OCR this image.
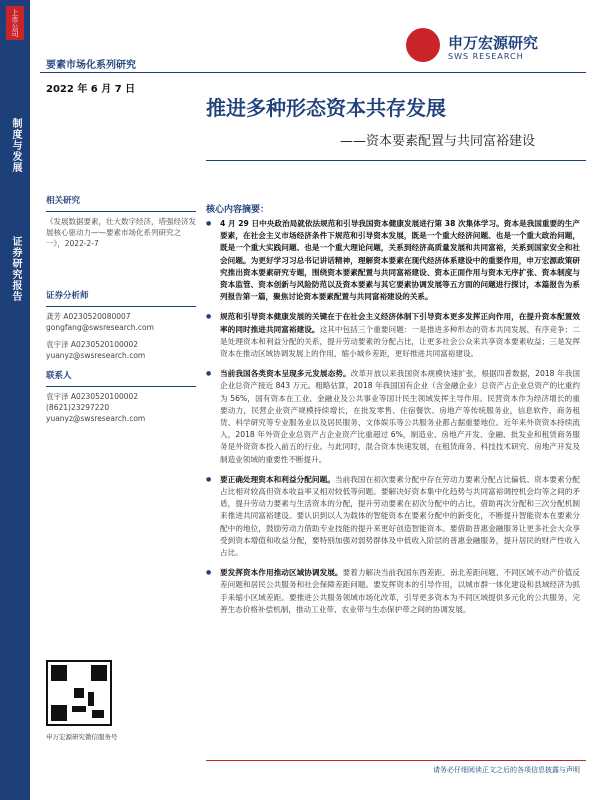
上市公司
制度与发展
证券研究报告
要素市场化系列研究
2022 年 6 月 7 日
申万宏源研究
SWS RESEARCH
推进多种形态资本共存发展
——资本要素配置与共同富裕建设
相关研究
《发展数据要素，壮大数字经济，塔强经济发展核心驱动力——要素市场化系列研究之一》，2022-2-7
证券分析师
龚芳 A0230520080007
gongfang@swsresearch.com
袁宇泽 A0230520100002
yuanyz@swsresearch.com
联系人
袁宇泽 A0230520100002
(8621)23297220
yuanyz@swsresearch.com
申万宏源研究微信服务号
核心内容摘要：

● 4 月 29 日中央政治局就依法规范和引导我国资本健康发展进行第 38 次集体学习。资本是我国重要的生产要素，在社会主义市场经济条件下规范和引导资本发展，既是一个重大经济问题、也是一个重大政治问题，既是一个重大实践问题、也是一个重大理论问题，关系到经济高质量发展和共同富裕，关系到国家安全和社会问题。为更好学习习总书记讲话精神，理解资本要素在现代经济体系建设中的重要作用，申万宏源政策研究推出资本要素研究专题，围绕资本要素配置与共同富裕建设、资本正面作用与资本无序扩张、资本制度与资本监管、资本创新与风险防范以及资本要素与其它要素协调发展等五方面的问题进行探讨，本篇报告为系列报告第一篇，聚焦讨论资本要素配置与共同富裕建设的关系。

● 规范和引导资本健康发展的关键在于在社会主义经济体制下引导资本更多发挥正向作用，在提升资本配置效率的同时推进共同富裕建设。这其中包括三个重要问题：一是推进多种形态的资本共同发展、有序竞争；二是处理资本和利益分配的关系，提升劳动要素的分配占比，让更多社会公众来共享资本要素收益；三是发挥资本在推动区域协调发展上的作用，缩小城乡差距，更好推进共同富裕建设。

● 当前我国各类资本呈现多元发展态势。改革开放以来我国资本规模快速扩张，根据四普数据，2018 年我国企业总资产接近 843 万元。粗略估算，2018 年我国国有企业（含金融企业）总资产占企业总资产的比重约为 56%，国有资本在工业、金融业及公共事业等国计民生领域发挥主导作用。民营资本作为经济增长的重要动力，民营企业资产规模持续增长，在批发零售、住宿餐饮、房地产等传统服务业，信息软件、商务租赁、科学研究等专业服务业以及居民服务、文体娱乐等公共服务业都占据重要地位。近年来外资资本持续流入，2018 年外资企业总资产占企业资产比重超过 6%，制造业、房地产开发、金融、批发业和租赁商务服务是外资资本投入前五的行业。与此同时，混合资本快速发展，在租赁商务、科技技术研究、房地产开发及制造业领域的重要性不断提升。

● 要正确处理资本和利益分配问题。当前我国在初次要素分配中存在劳动力要素分配占比偏低、资本要素分配占比相对较高但资本收益率又相对较低等问题。要解决好资本集中化趋势与共同富裕调控机会均等之间的矛盾，提升劳动力要素与生活资本的分配，提升劳动要素在初次分配中的占比，借助再次分配和三次分配机制来推进共同富裕建设。要认识到以人为载体的智能资本在要素分配中的新变化，不断提升智能资本在要素分配中的地位，鼓励劳动力借助专业技能的提升来更好创造智能资本。要借助普惠金融服务让更多社会大众享受到资本增值和收益分配，要特别加强对弱势群体及中低收入阶层的普惠金融服务，提升居民的财产性收入占比。

● 要发挥资本作用推动区域协调发展。要着力解决当前我国东西差距、南北差距问题、不同区域不动产价值反差问题和居民公共服务和社会保障差距问题。要发挥资本的引导作用，以城市群一体化建设和县域经济为抓手来缩小区域差距。要推进公共服务领域市场化改革，引导更多资本为不同区域提供多元化的公共服务，完善生态价格补偿机制，推动工业带、农业带与生态保护带之间的协调发展。

请务必仔细阅读正文之后的各项信息披露与声明
